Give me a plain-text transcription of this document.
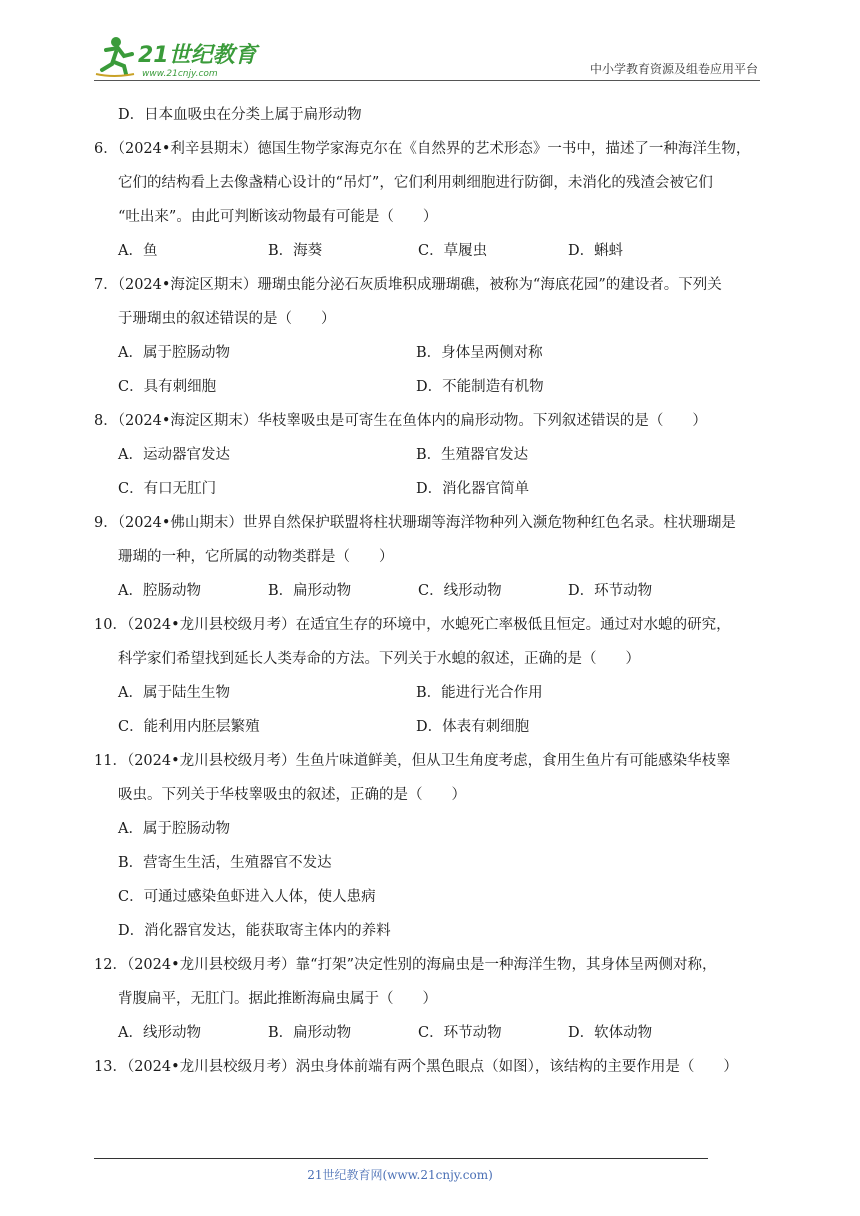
21世纪教育
www.21cnjy.com	中小学教育资源及组卷应用平台
D．日本血吸虫在分类上属于扁形动物
6．（2024•利辛县期末）德国生物学家海克尔在《自然界的艺术形态》一书中，描述了一种海洋生物，
它们的结构看上去像盏精心设计的“吊灯”，它们利用刺细胞进行防御，未消化的残渣会被它们
“吐出来”。由此可判断该动物最有可能是（　　）
A．鱼	B．海葵	C．草履虫	D．蝌蚪
7．（2024•海淀区期末）珊瑚虫能分泌石灰质堆积成珊瑚礁，被称为“海底花园”的建设者。下列关
于珊瑚虫的叙述错误的是（　　）
A．属于腔肠动物	B．身体呈两侧对称
C．具有刺细胞	D．不能制造有机物
8．（2024•海淀区期末）华枝睾吸虫是可寄生在鱼体内的扁形动物。下列叙述错误的是（　　）
A．运动器官发达	B．生殖器官发达
C．有口无肛门	D．消化器官简单
9．（2024•佛山期末）世界自然保护联盟将柱状珊瑚等海洋物种列入濒危物种红色名录。柱状珊瑚是
珊瑚的一种，它所属的动物类群是（　　）
A．腔肠动物	B．扁形动物	C．线形动物	D．环节动物
10．（2024•龙川县校级月考）在适宜生存的环境中，水螅死亡率极低且恒定。通过对水螅的研究，
科学家们希望找到延长人类寿命的方法。下列关于水螅的叙述，正确的是（　　）
A．属于陆生生物	B．能进行光合作用
C．能利用内胚层繁殖	D．体表有刺细胞
11．（2024•龙川县校级月考）生鱼片味道鲜美，但从卫生角度考虑，食用生鱼片有可能感染华枝睾
吸虫。下列关于华枝睾吸虫的叙述，正确的是（　　）
A．属于腔肠动物
B．营寄生生活，生殖器官不发达
C．可通过感染鱼虾进入人体，使人患病
D．消化器官发达，能获取寄主体内的养料
12．（2024•龙川县校级月考）靠“打架”决定性别的海扁虫是一种海洋生物，其身体呈两侧对称，
背腹扁平，无肛门。据此推断海扁虫属于（　　）
A．线形动物	B．扁形动物	C．环节动物	D．软体动物
13．（2024•龙川县校级月考）涡虫身体前端有两个黑色眼点（如图），该结构的主要作用是（　　）
21世纪教育网(www.21cnjy.com)
